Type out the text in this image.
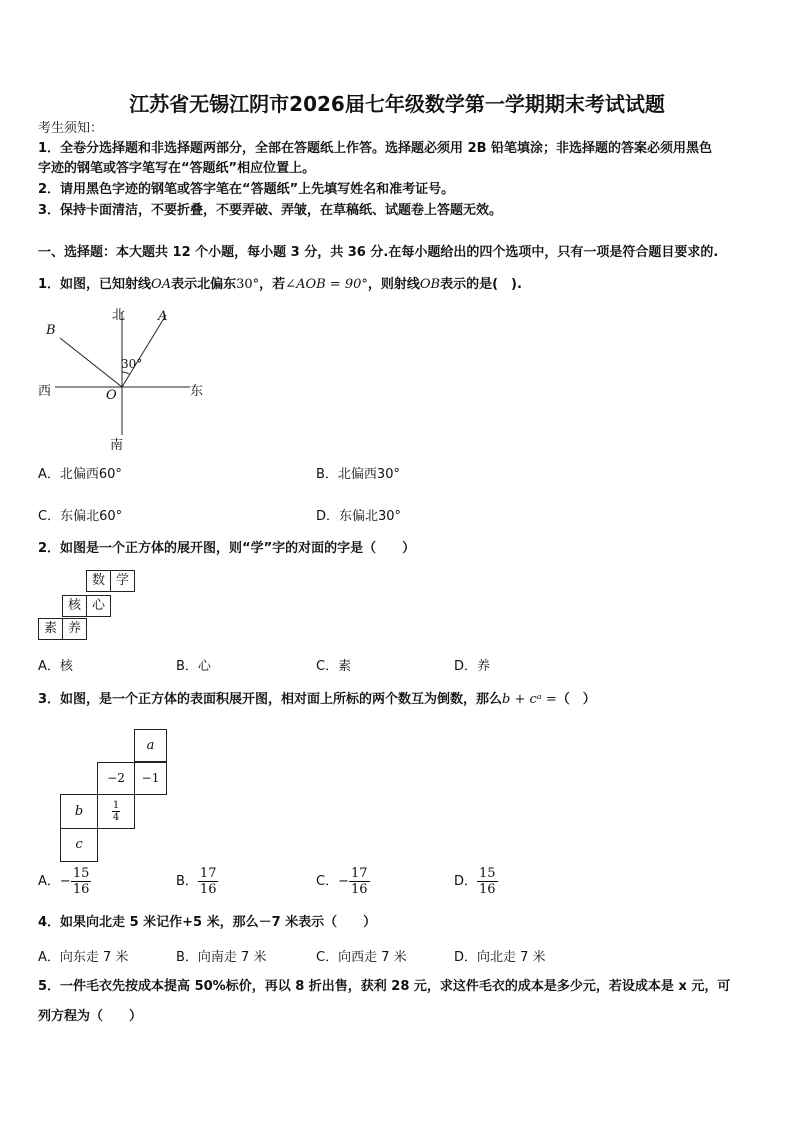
江苏省无锡江阴市2026届七年级数学第一学期期末考试试题
考生须知：
1．全卷分选择题和非选择题两部分，全部在答题纸上作答。选择题必须用 2B 铅笔填涂；非选择题的答案必须用黑色
字迹的钢笔或答字笔写在“答题纸”相应位置上。
2．请用黑色字迹的钢笔或答字笔在“答题纸”上先填写姓名和准考证号。
3．保持卡面清洁，不要折叠，不要弄破、弄皱，在草稿纸、试题卷上答题无效。
一、选择题：本大题共 12 个小题，每小题 3 分，共 36 分.在每小题给出的四个选项中，只有一项是符合题目要求的.
1．如图，已知射线OA表示北偏东30°，若∠AOB = 90°，则射线OB表示的是(　).
北
南
西	东
A
B
O
30°
A．北偏西60°	B．北偏西30°
C．东偏北60°	D．东偏北30°
2．如图是一个正方体的展开图，则“学”字的对面的字是（　　）
数 学
核 心
素 养
A．核	B．心	C．素	D．养
3．如图，是一个正方体的表面积展开图，相对面上所标的两个数互为倒数，那么b + cᵃ =（　）
a
−2	−1
b	1
4
c
A．− $\frac{15}{16}$	B． $\frac{17}{16}$	C．− $\frac{17}{16}$	D． $\frac{15}{16}$
4．如果向北走 5 米记作+5 米，那么－7 米表示（　　）
A．向东走 7 米	B．向南走 7 米	C．向西走 7 米	D．向北走 7 米
5．一件毛衣先按成本提高 50%标价，再以 8 折出售，获利 28 元，求这件毛衣的成本是多少元，若设成本是 x 元，可
列方程为（　　）
